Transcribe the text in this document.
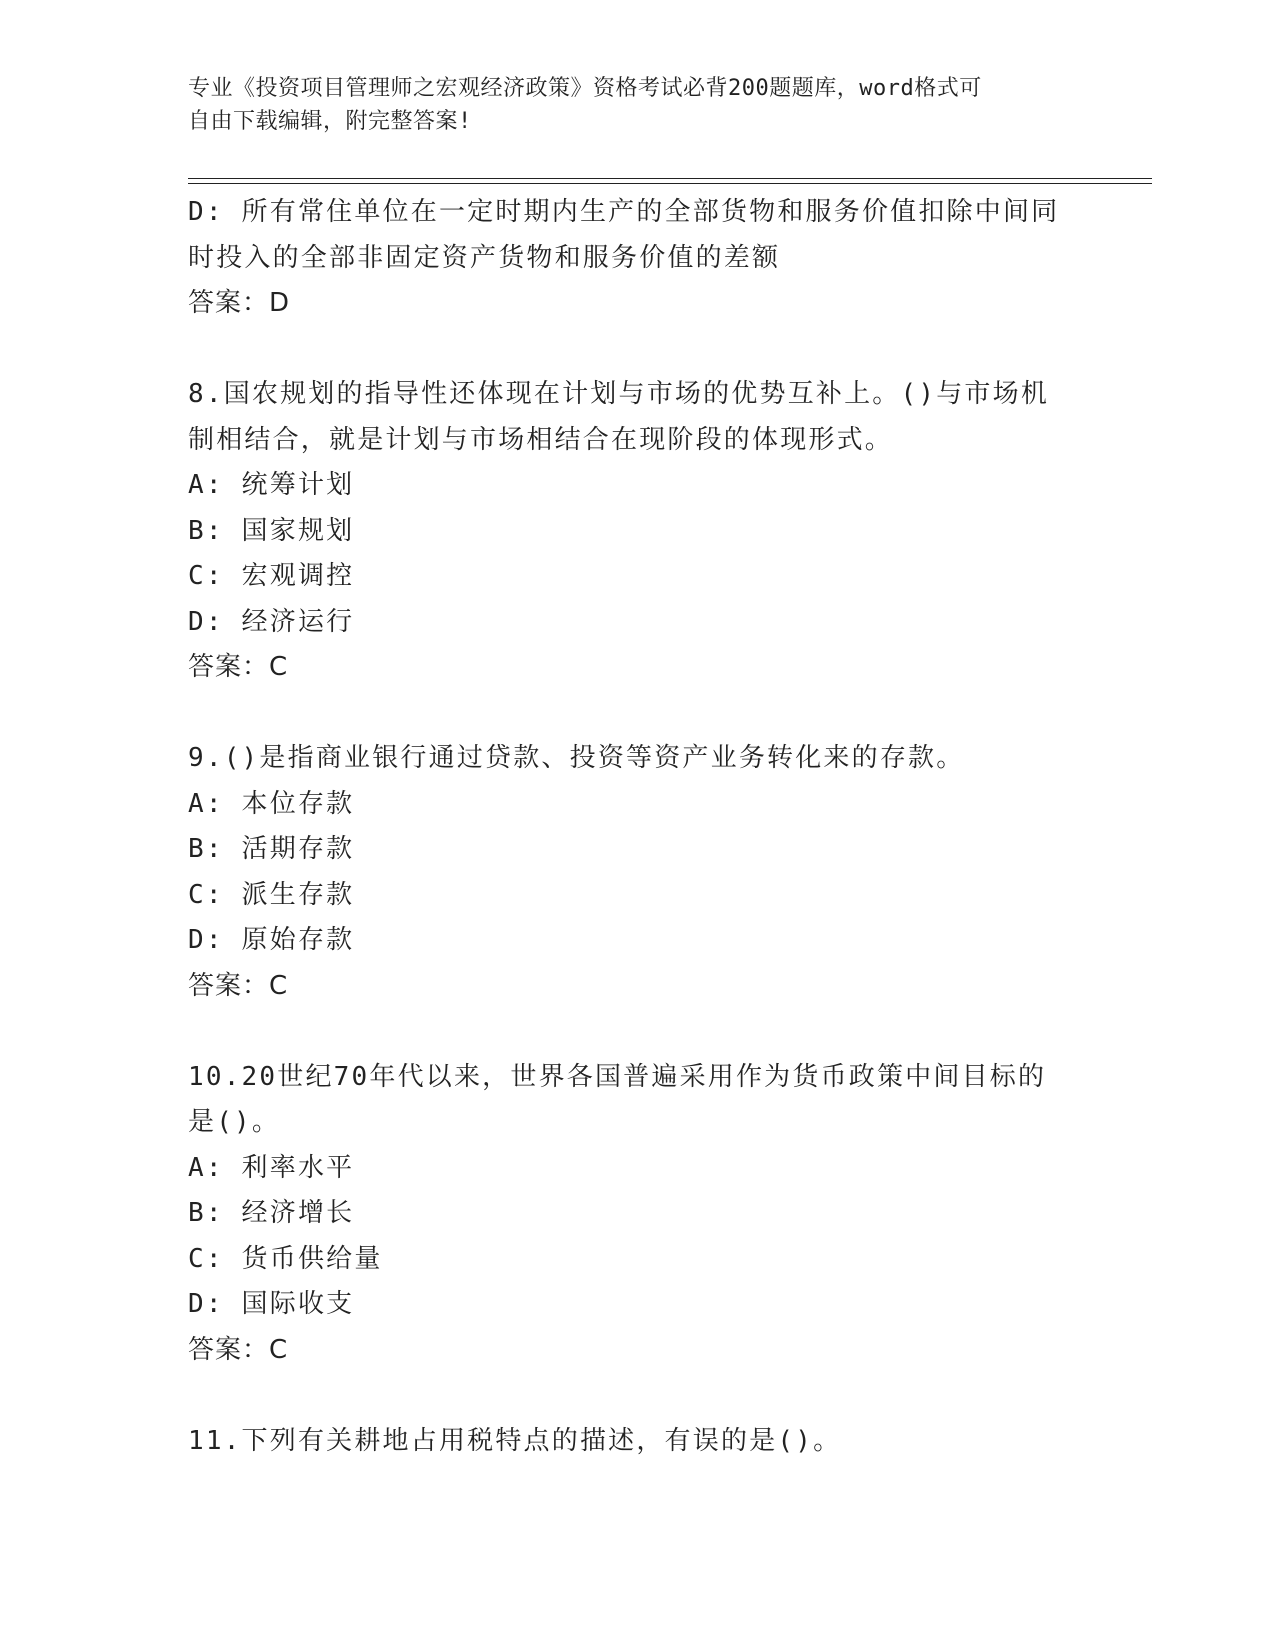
专业《投资项目管理师之宏观经济政策》资格考试必背200题题库，word格式可
自由下载编辑，附完整答案!
D: 所有常住单位在一定时期内生产的全部货物和服务价值扣除中间同
时投入的全部非固定资产货物和服务价值的差额
答案：D
8.国农规划的指导性还体现在计划与市场的优势互补上。()与市场机
制相结合，就是计划与市场相结合在现阶段的体现形式。
A: 统筹计划
B: 国家规划
C: 宏观调控
D: 经济运行
答案：C
9.()是指商业银行通过贷款、投资等资产业务转化来的存款。
A: 本位存款
B: 活期存款
C: 派生存款
D: 原始存款
答案：C
10.20世纪70年代以来，世界各国普遍采用作为货币政策中间目标的
是()。
A: 利率水平
B: 经济增长
C: 货币供给量
D: 国际收支
答案：C
11.下列有关耕地占用税特点的描述，有误的是()。
